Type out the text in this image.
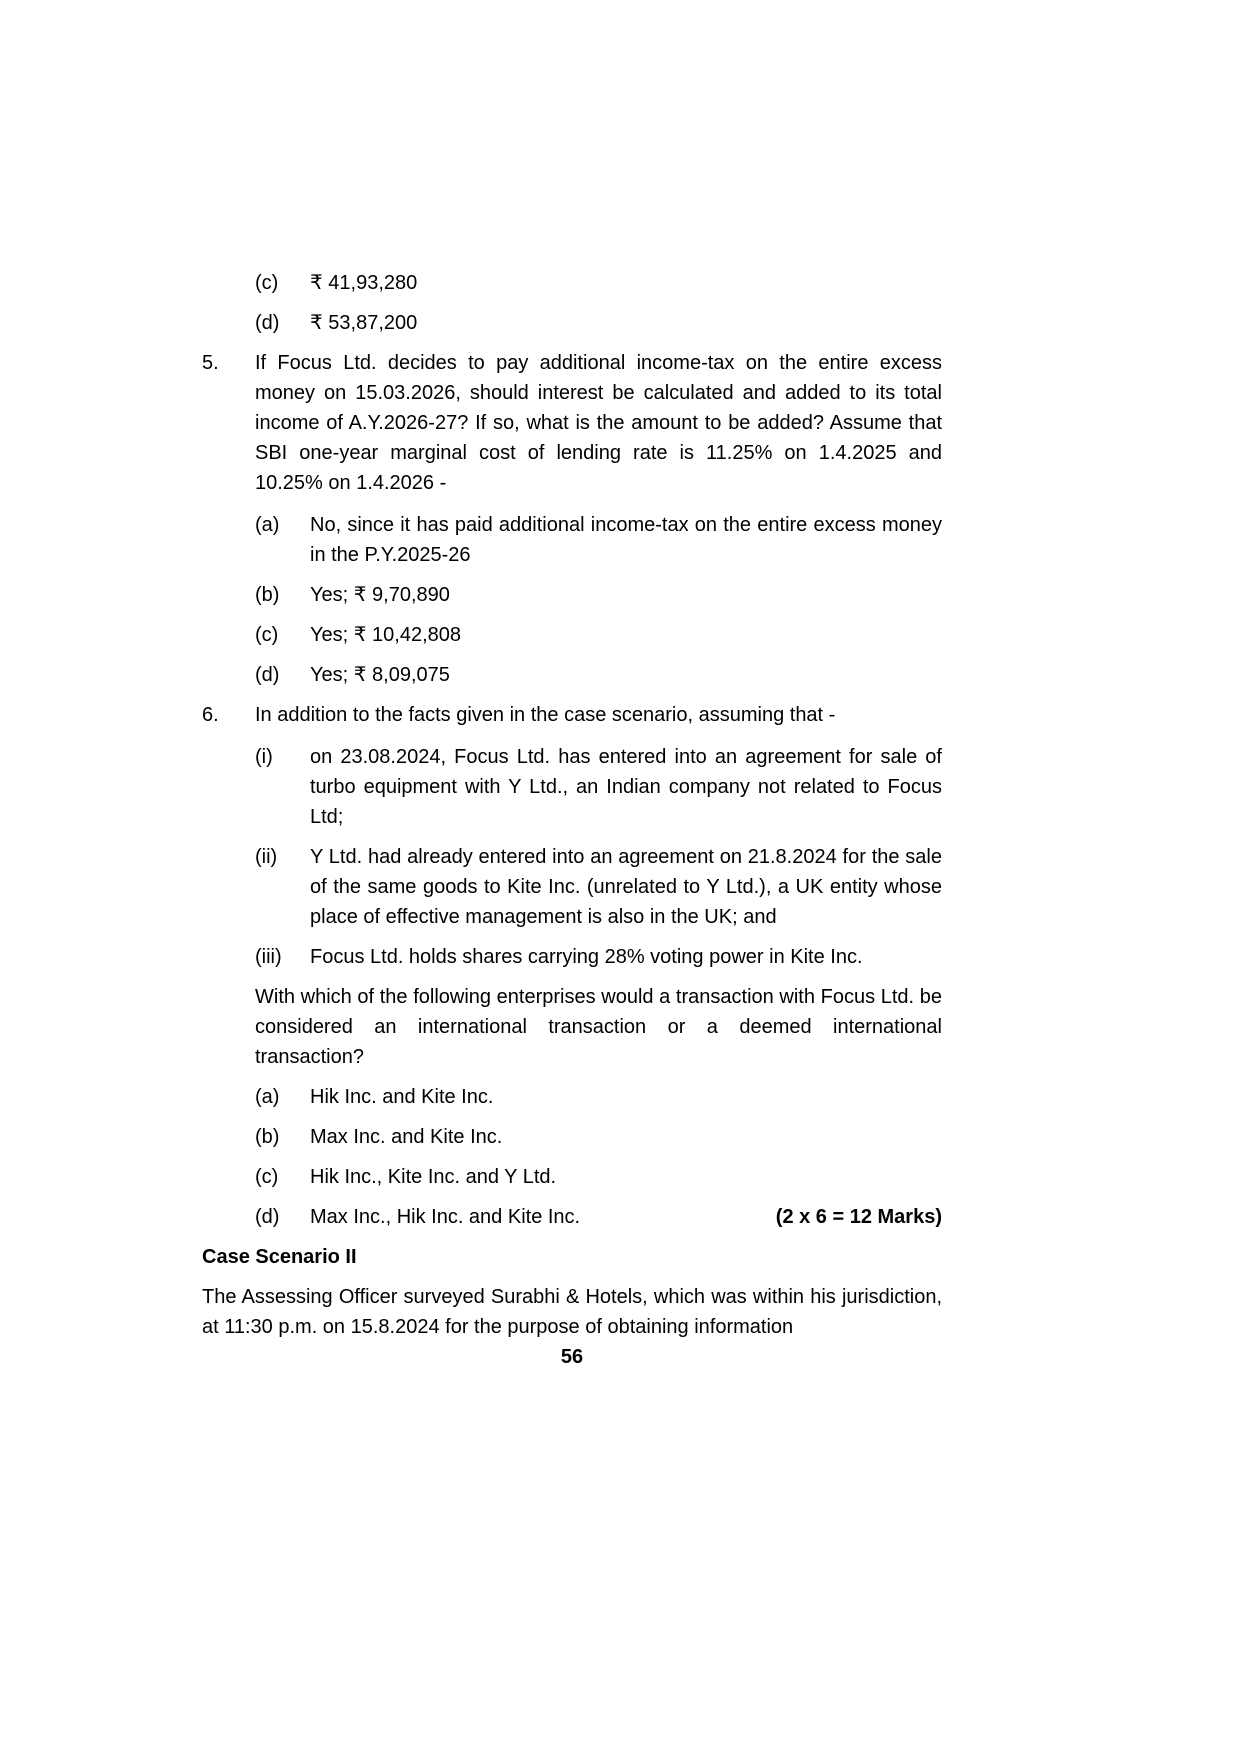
(c)	₹ 41,93,280
(d)	₹ 53,87,200
5.	If Focus Ltd. decides to pay additional income-tax on the entire excess money on 15.03.2026, should interest be calculated and added to its total income of A.Y.2026-27? If so, what is the amount to be added? Assume that SBI one-year marginal cost of lending rate is 11.25% on 1.4.2025 and 10.25% on 1.4.2026 -
(a)	No, since it has paid additional income-tax on the entire excess money in the P.Y.2025-26
(b)	Yes; ₹ 9,70,890
(c)	Yes; ₹ 10,42,808
(d)	Yes; ₹ 8,09,075
6.	In addition to the facts given in the case scenario, assuming that -
(i)	on 23.08.2024, Focus Ltd. has entered into an agreement for sale of turbo equipment with Y Ltd., an Indian company not related to Focus Ltd;
(ii)	Y Ltd. had already entered into an agreement on 21.8.2024 for the sale of the same goods to Kite Inc. (unrelated to Y Ltd.), a UK entity whose place of effective management is also in the UK; and
(iii)	Focus Ltd. holds shares carrying 28% voting power in Kite Inc.
With which of the following enterprises would a transaction with Focus Ltd. be considered an international transaction or a deemed international transaction?
(a)	Hik Inc. and Kite Inc.
(b)	Max Inc. and Kite Inc.
(c)	Hik Inc., Kite Inc. and Y Ltd.
(d)	Max Inc., Hik Inc. and Kite Inc.	(2 x 6 = 12 Marks)
Case Scenario II
The Assessing Officer surveyed Surabhi & Hotels, which was within his jurisdiction, at 11:30 p.m. on 15.8.2024 for the purpose of obtaining information
56
